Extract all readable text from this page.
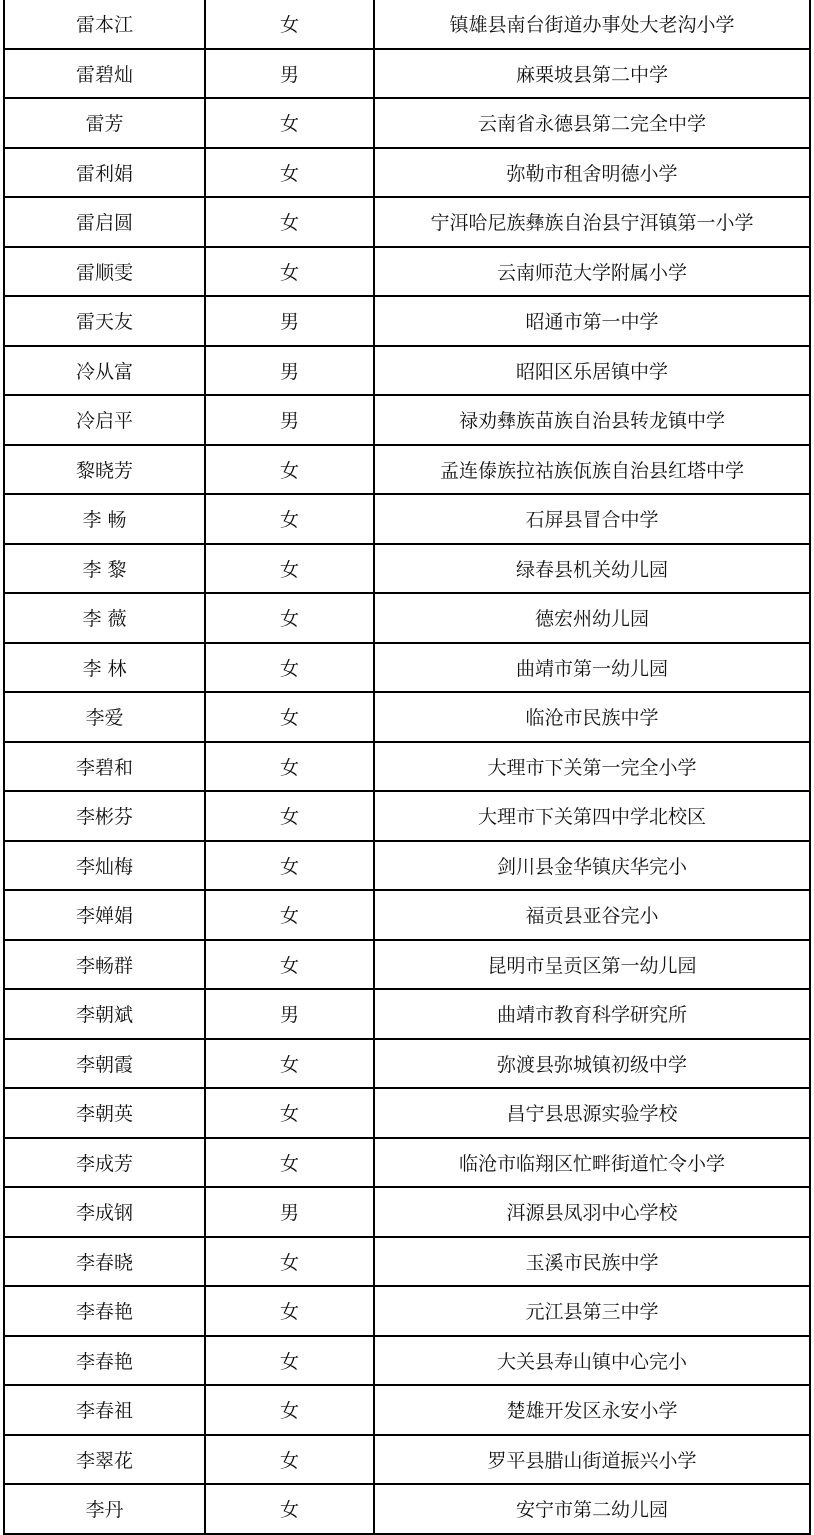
雷本江	女	镇雄县南台街道办事处大老沟小学
雷碧灿	男	麻栗坡县第二中学
雷芳	女	云南省永德县第二完全中学
雷利娟	女	弥勒市租舍明德小学
雷启圆	女	宁洱哈尼族彝族自治县宁洱镇第一小学
雷顺雯	女	云南师范大学附属小学
雷天友	男	昭通市第一中学
冷从富	男	昭阳区乐居镇中学
冷启平	男	禄劝彝族苗族自治县转龙镇中学
黎晓芳	女	孟连傣族拉祜族佤族自治县红塔中学
李 畅	女	石屏县冒合中学
李 黎	女	绿春县机关幼儿园
李 薇	女	德宏州幼儿园
李 林	女	曲靖市第一幼儿园
李爱	女	临沧市民族中学
李碧和	女	大理市下关第一完全小学
李彬芬	女	大理市下关第四中学北校区
李灿梅	女	剑川县金华镇庆华完小
李婵娟	女	福贡县亚谷完小
李畅群	女	昆明市呈贡区第一幼儿园
李朝斌	男	曲靖市教育科学研究所
李朝霞	女	弥渡县弥城镇初级中学
李朝英	女	昌宁县思源实验学校
李成芳	女	临沧市临翔区忙畔街道忙令小学
李成钢	男	洱源县凤羽中心学校
李春晓	女	玉溪市民族中学
李春艳	女	元江县第三中学
李春艳	女	大关县寿山镇中心完小
李春祖	女	楚雄开发区永安小学
李翠花	女	罗平县腊山街道振兴小学
李丹	女	安宁市第二幼儿园
